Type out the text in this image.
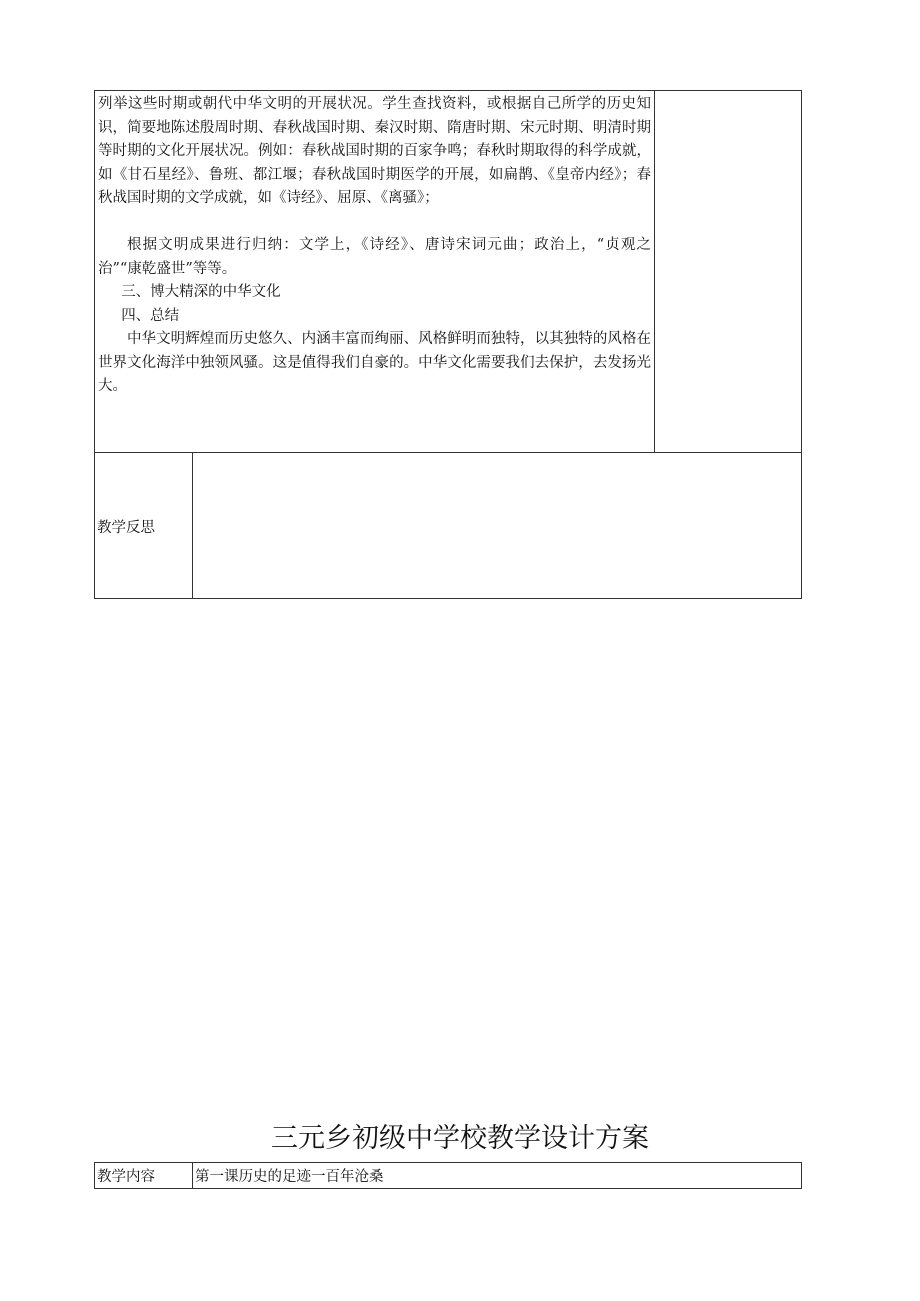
列举这些时期或朝代中华文明的开展状况。学生查找资料，或根据自己所学的历史知识，简要地陈述殷周时期、春秋战国时期、秦汉时期、隋唐时期、宋元时期、明清时期等时期的文化开展状况。例如：春秋战国时期的百家争鸣；春秋时期取得的科学成就，如《甘石星经》、鲁班、都江堰；春秋战国时期医学的开展，如扁鹊、《皇帝内经》；春秋战国时期的文学成就，如《诗经》、屈原、《离骚》；

根据文明成果进行归纳：文学上，《诗经》、唐诗宋词元曲；政治上，“贞观之治”“康乾盛世”等等。

三、博大精深的中华文化

四、总结

中华文明辉煌而历史悠久、内涵丰富而绚丽、风格鲜明而独特，以其独特的风格在世界文化海洋中独领风骚。这是值得我们自豪的。中华文化需要我们去保护，去发扬光大。

教学反思
三元乡初级中学校教学设计方案
教学内容	第一课历史的足迹一百年沧桑
